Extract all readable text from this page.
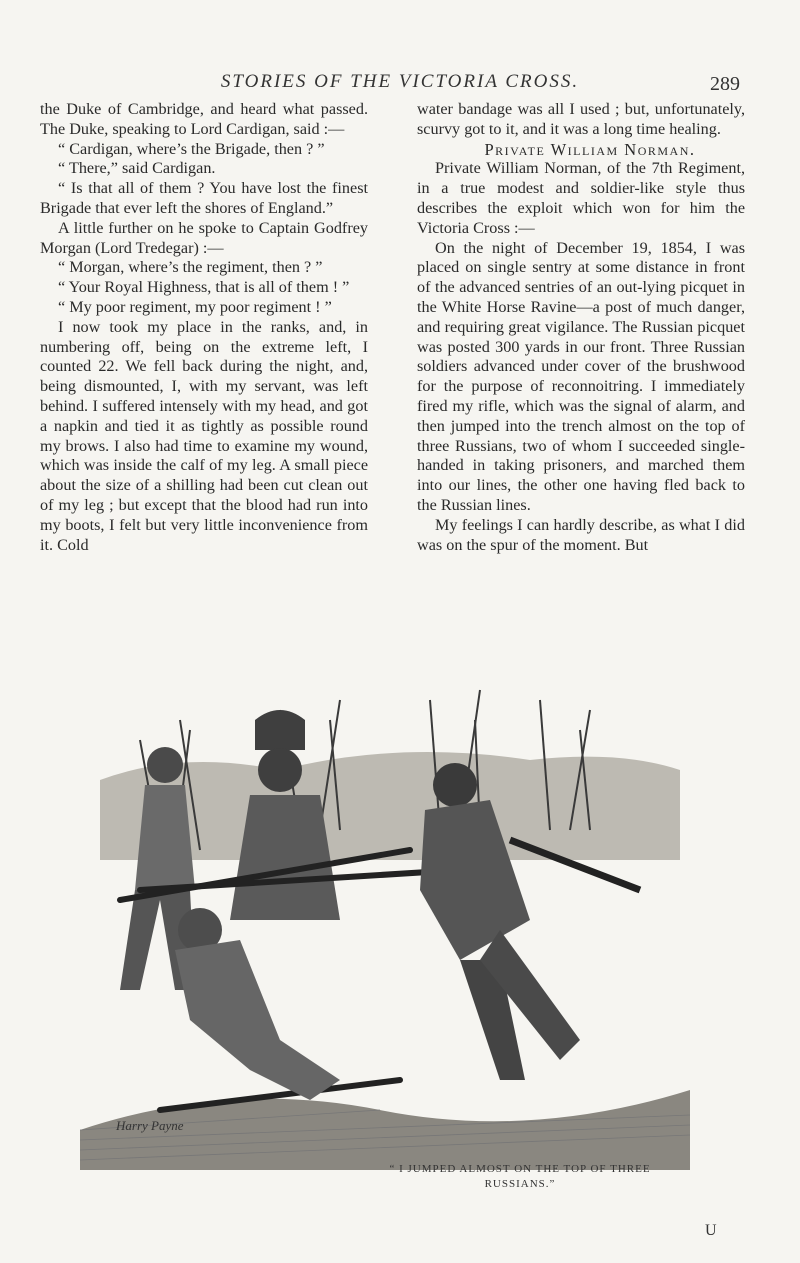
STORIES OF THE VICTORIA CROSS.	289

the Duke of Cambridge, and heard what passed. The Duke, speaking to Lord Cardigan, said :—

“ Cardigan, where’s the Brigade, then ? ”

“ There,” said Cardigan.

“ Is that all of them ? You have lost the finest Brigade that ever left the shores of England.”

A little further on he spoke to Captain Godfrey Morgan (Lord Tredegar) :—

“ Morgan, where’s the regiment, then ? ”

“ Your Royal Highness, that is all of them ! ”

“ My poor regiment, my poor regiment ! ”

I now took my place in the ranks, and, in numbering off, being on the extreme left, I counted 22. We fell back during the night, and, being dismounted, I, with my servant, was left behind. I suffered intensely with my head, and got a napkin and tied it as tightly as possible round my brows. I also had time to examine my wound, which was inside the calf of my leg. A small piece about the size of a shilling had been cut clean out of my leg ; but except that the blood had run into my boots, I felt but very little inconvenience from it. Cold

water bandage was all I used ; but, unfortunately, scurvy got to it, and it was a long time healing.

Private William Norman.

Private William Norman, of the 7th Regiment, in a true modest and soldier-like style thus describes the exploit which won for him the Victoria Cross :—

On the night of December 19, 1854, I was placed on single sentry at some distance in front of the advanced sentries of an out-lying picquet in the White Horse Ravine—a post of much danger, and requiring great vigilance. The Russian picquet was posted 300 yards in our front. Three Russian soldiers advanced under cover of the brushwood for the purpose of reconnoitring. I immediately fired my rifle, which was the signal of alarm, and then jumped into the trench almost on the top of three Russians, two of whom I succeeded single-handed in taking prisoners, and marched them into our lines, the other one having fled back to the Russian lines.

My feelings I can hardly describe, as what I did was on the spur of the moment. But

Harry Payne
“ I JUMPED ALMOST ON THE TOP OF THREE RUSSIANS.”
U
